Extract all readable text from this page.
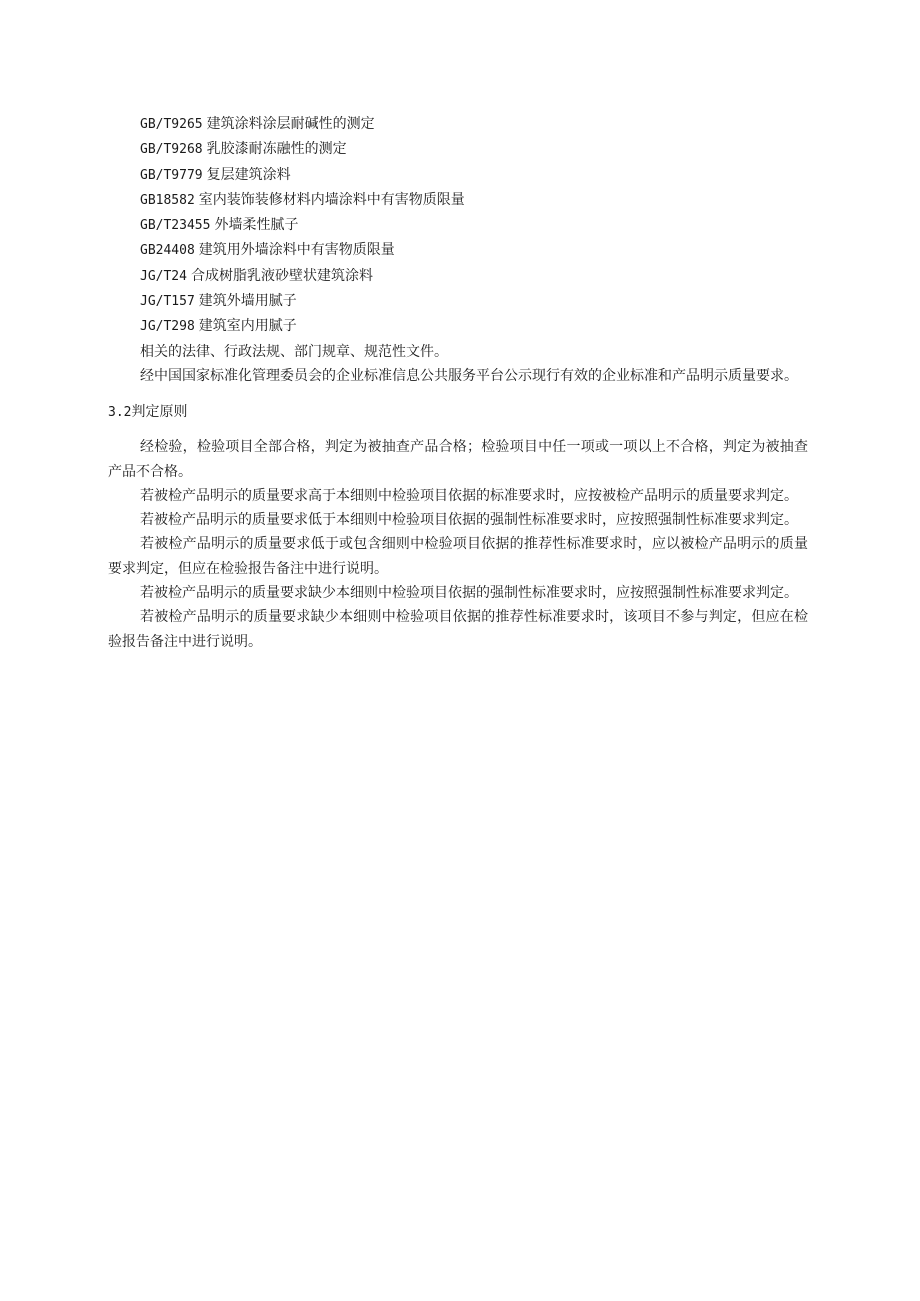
GB/T9265 建筑涂料涂层耐碱性的测定
GB/T9268 乳胶漆耐冻融性的测定
GB/T9779 复层建筑涂料
GB18582 室内装饰装修材料内墙涂料中有害物质限量
GB/T23455 外墙柔性腻子
GB24408 建筑用外墙涂料中有害物质限量
JG/T24 合成树脂乳液砂壁状建筑涂料
JG/T157 建筑外墙用腻子
JG/T298 建筑室内用腻子

相关的法律、行政法规、部门规章、规范性文件。

经中国国家标准化管理委员会的企业标准信息公共服务平台公示现行有效的企业标准和产品明示质量要求。

3.2判定原则

经检验，检验项目全部合格，判定为被抽查产品合格；检验项目中任一项或一项以上不合格，判定为被抽查产品不合格。

若被检产品明示的质量要求高于本细则中检验项目依据的标准要求时，应按被检产品明示的质量要求判定。

若被检产品明示的质量要求低于本细则中检验项目依据的强制性标准要求时，应按照强制性标准要求判定。

若被检产品明示的质量要求低于或包含细则中检验项目依据的推荐性标准要求时，应以被检产品明示的质量要求判定，但应在检验报告备注中进行说明。

若被检产品明示的质量要求缺少本细则中检验项目依据的强制性标准要求时，应按照强制性标准要求判定。

若被检产品明示的质量要求缺少本细则中检验项目依据的推荐性标准要求时，该项目不参与判定，但应在检验报告备注中进行说明。
